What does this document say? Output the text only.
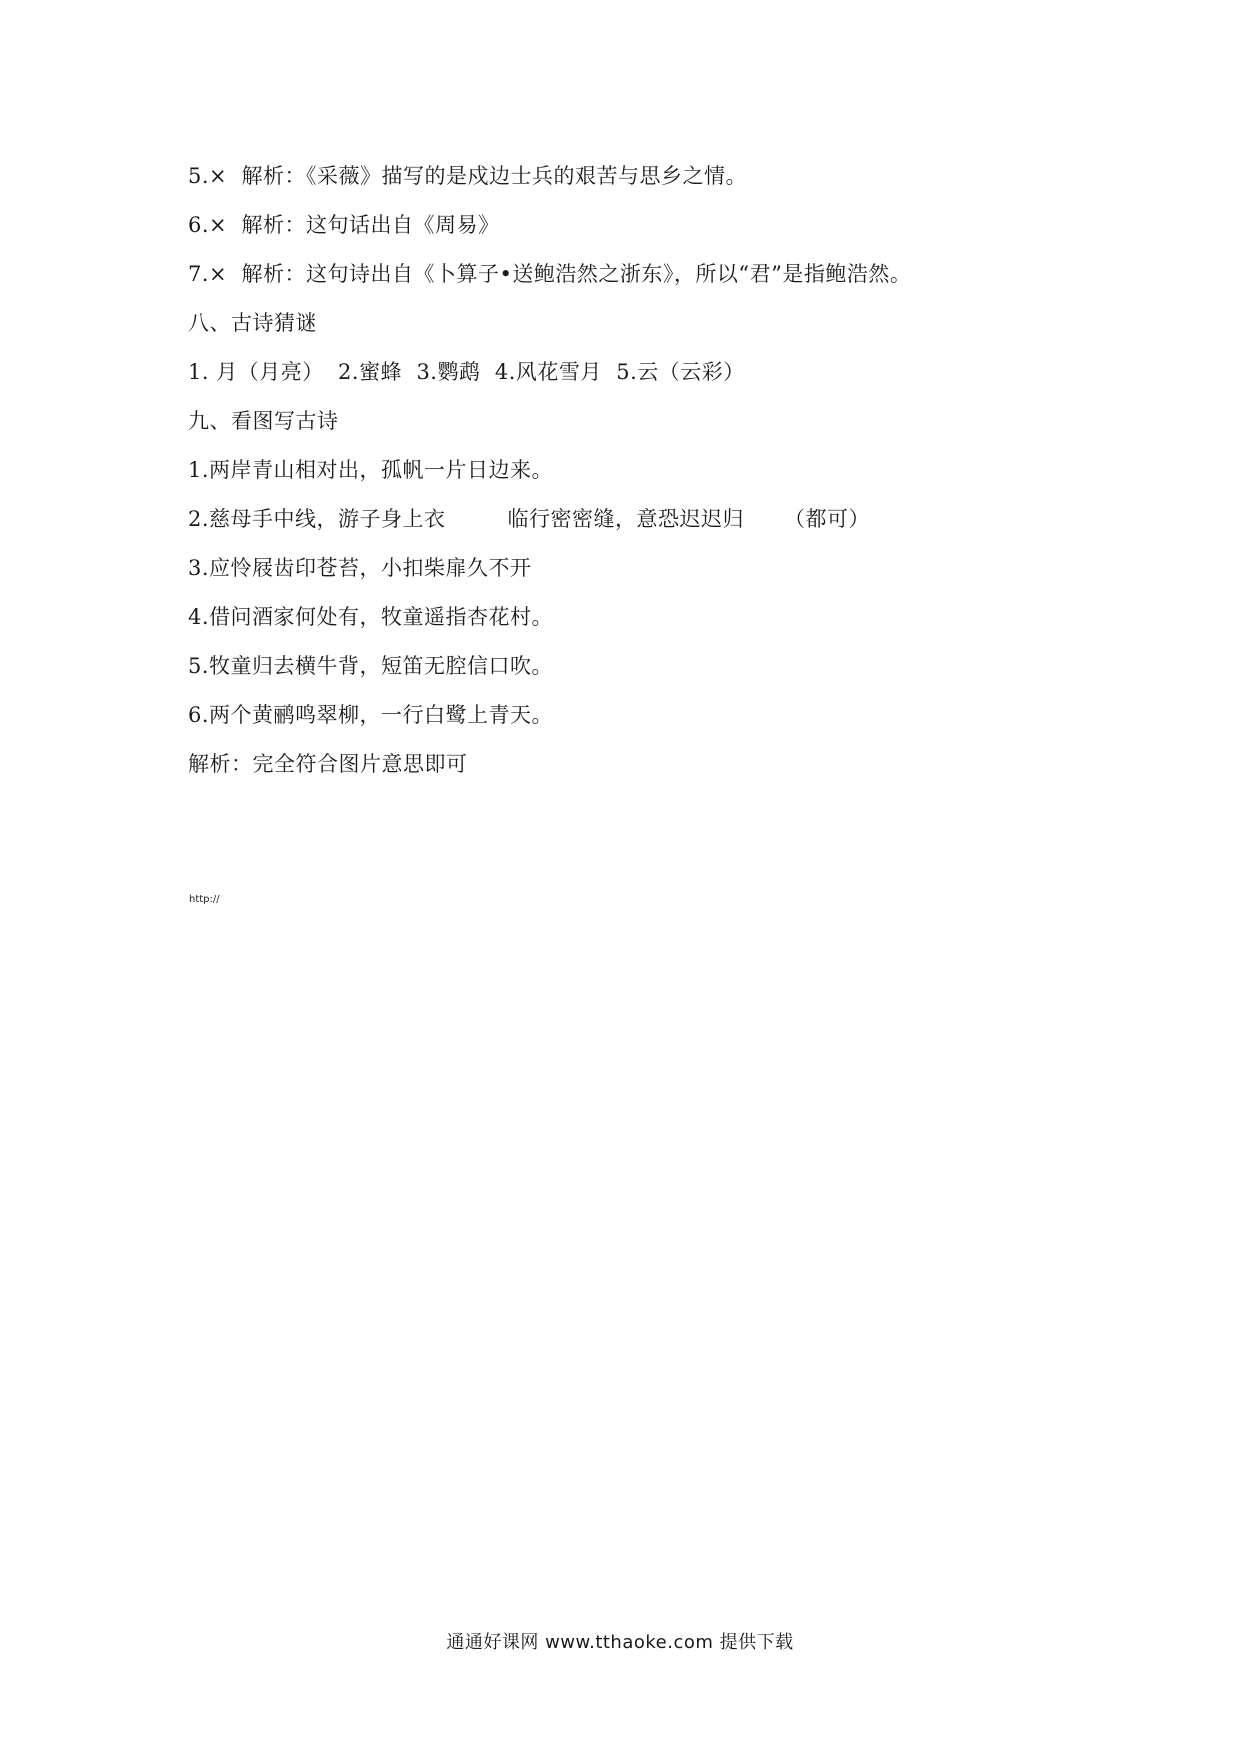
5.×  解析：《采薇》描写的是戍边士兵的艰苦与思乡之情。
6.×  解析：这句话出自《周易》
7.×  解析：这句诗出自《卜算子•送鲍浩然之浙东》，所以“君”是指鲍浩然。
八、古诗猜谜
1. 月（月亮）  2.蜜蜂  3.鹦鹉  4.风花雪月  5.云（云彩）
九、看图写古诗
1.两岸青山相对出，孤帆一片日边来。
2.慈母手中线，游子身上衣	临行密密缝，意恐迟迟归 （都可）
3.应怜屐齿印苍苔，小扣柴扉久不开
4.借问酒家何处有，牧童遥指杏花村。
5.牧童归去横牛背，短笛无腔信口吹。
6.两个黄鹂鸣翠柳，一行白鹭上青天。
解析：完全符合图片意思即可
http://
通通好课网 www.tthaoke.com 提供下载
